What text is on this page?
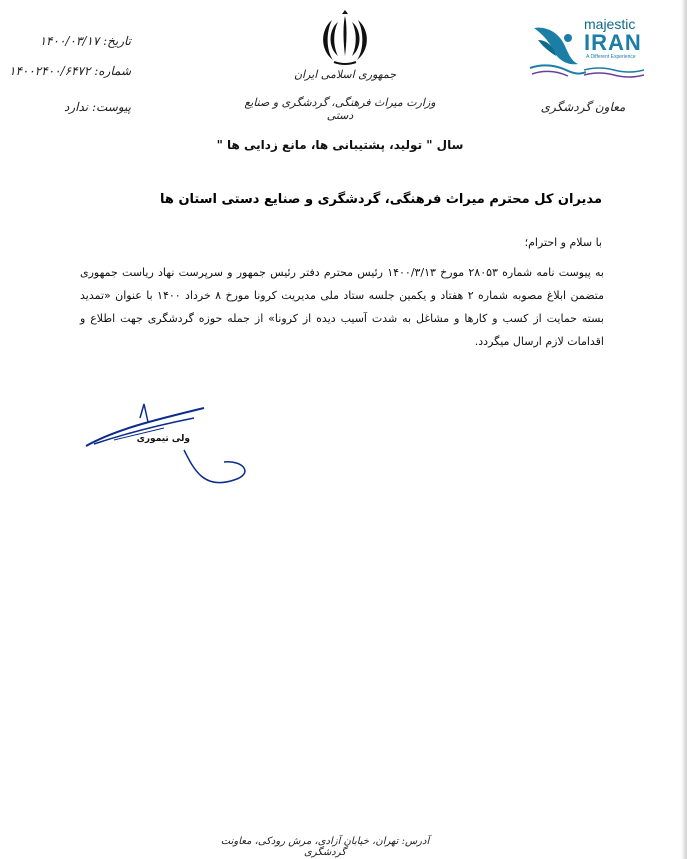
تاریخ: ۱۴۰۰/۰۳/۱۷
شماره: ۱۴۰۰۲۴۰۰/۶۴۷۲
پیوست: ندارد
جمهوری اسلامی ایران
وزارت میراث فرهنگی، گردشگری و صنایع دستی
majestic
IRAN
A Different Experience
معاون گردشگری
سال " تولید، پشتیبانی ها، مانع زدایی ها "
مدیران کل محترم میراث فرهنگی، گردشگری و صنایع دستی استان ها
با سلام و احترام؛
به پیوست نامه شماره ۲۸۰۵۳ مورخ ۱۴۰۰/۳/۱۳ رئیس محترم دفتر رئیس جمهور و سرپرست نهاد ریاست جمهوری متضمن ابلاغ مصوبه شماره ۲ هفتاد و یکمین جلسه ستاد ملی مدیریت کرونا مورخ ۸ خرداد ۱۴۰۰ با عنوان «تمدید بسته حمایت از کسب و کارها و مشاغل به شدت آسیب دیده از کرونا» از جمله حوزه گردشگری جهت اطلاع و اقدامات لازم ارسال میگردد.
ولی تیموری
آدرس: تهران، خیابان آزادی، مرش رودکی، معاونت گردشگری
